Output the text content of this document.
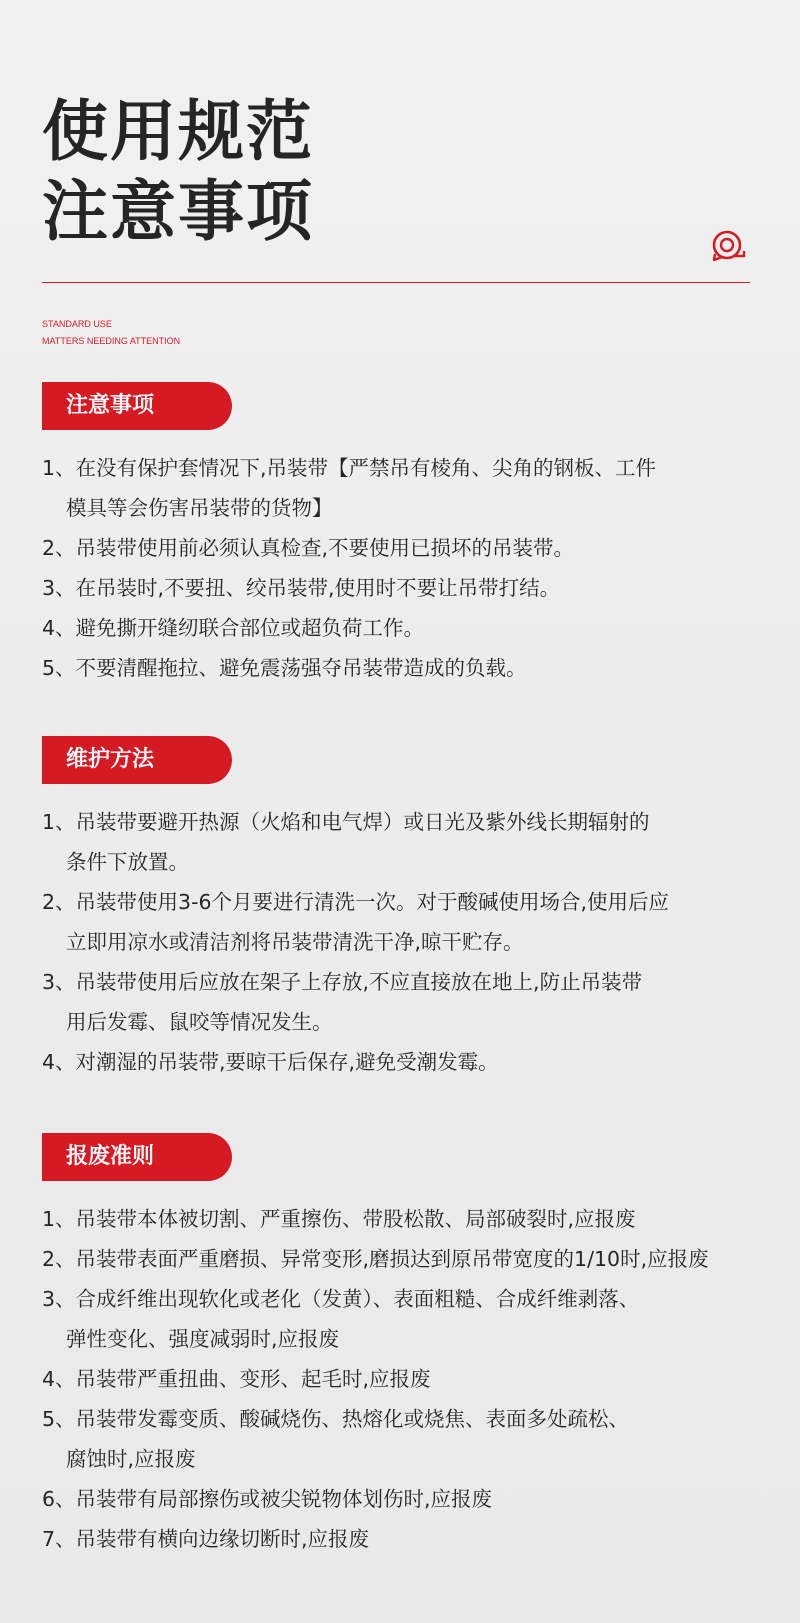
使用规范
注意事项
STANDARD USE
MATTERS NEEDING ATTENTION
注意事项
1、在没有保护套情况下,吊装带【严禁吊有棱角、尖角的钢板、工件
模具等会伤害吊装带的货物】
2、吊装带使用前必须认真检查,不要使用已损坏的吊装带。
3、在吊装时,不要扭、绞吊装带,使用时不要让吊带打结。
4、避免撕开缝纫联合部位或超负荷工作。
5、不要清醒拖拉、避免震荡强夺吊装带造成的负载。
维护方法
1、吊装带要避开热源（火焰和电气焊）或日光及紫外线长期辐射的
条件下放置。
2、吊装带使用3-6个月要进行清洗一次。对于酸碱使用场合,使用后应
立即用凉水或清洁剂将吊装带清洗干净,晾干贮存。
3、吊装带使用后应放在架子上存放,不应直接放在地上,防止吊装带
用后发霉、鼠咬等情况发生。
4、对潮湿的吊装带,要晾干后保存,避免受潮发霉。
报废准则
1、吊装带本体被切割、严重擦伤、带股松散、局部破裂时,应报废
2、吊装带表面严重磨损、异常变形,磨损达到原吊带宽度的1/10时,应报废
3、合成纤维出现软化或老化（发黄）、表面粗糙、合成纤维剥落、
弹性变化、强度减弱时,应报废
4、吊装带严重扭曲、变形、起毛时,应报废
5、吊装带发霉变质、酸碱烧伤、热熔化或烧焦、表面多处疏松、
腐蚀时,应报废
6、吊装带有局部擦伤或被尖锐物体划伤时,应报废
7、吊装带有横向边缘切断时,应报废
